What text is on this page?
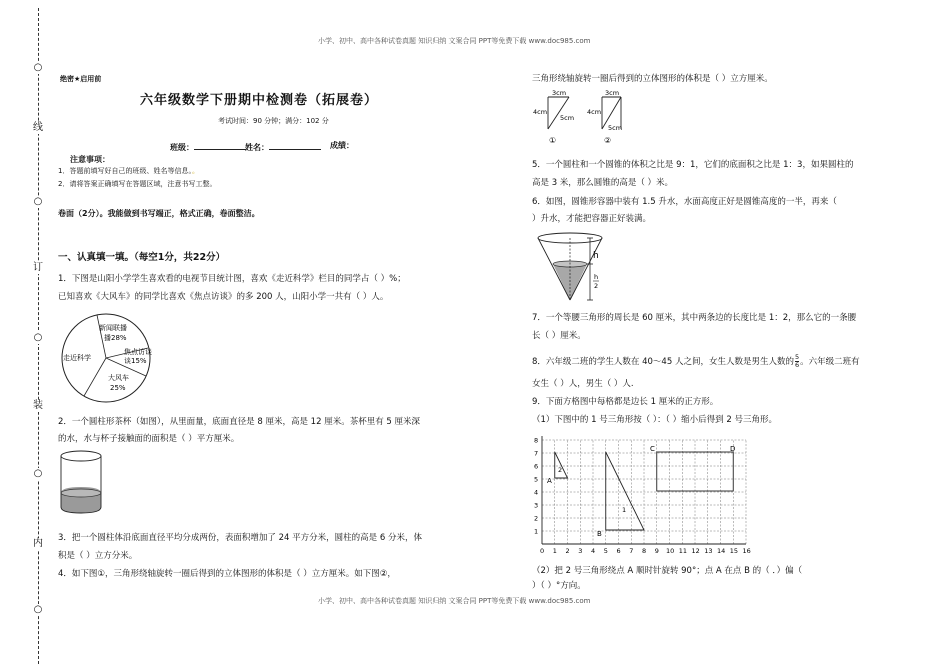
○
线
○
订
○
装
○
内
○
小学、初中、高中各种试卷真题 知识归纳 文案合同 PPT等免费下载 www.doc985.com
小学、初中、高中各种试卷真题 知识归纳 文案合同 PPT等免费下载 www.doc985.com
绝密★启用前
六年级数学下册期中检测卷（拓展卷）
考试时间：90 分钟；满分：102 分
班级：	姓名：	成绩：
注意事项：
1．答题前填写好自己的班级、姓名等信息。。
2．请将答案正确填写在答题区域，注意书写工整。
卷面（2分）。我能做到书写端正，格式正确，卷面整洁。
一、认真填一填。（每空1分，共22分）
1．下图是山阳小学学生喜欢看的电视节目统计图，喜欢《走近科学》栏目的同学占（ ）%；
已知喜欢《大风车》的同学比喜欢《焦点访谈》的多 200 人，山阳小学一共有（ ）人。
新闻联播
播28%
焦点访谈
谈15%
大风车
25%
走近科学
2．一个圆柱形茶杯（如图），从里面量，底面直径是 8 厘米，高是 12 厘米。茶杯里有 5 厘米深
的水，水与杯子接触面的面积是（ ）平方厘米。
3．把一个圆柱体沿底面直径平均分成两份，表面积增加了 24 平方分米，圆柱的高是 6 分米，体
积是（ ）立方分米。
4．如下图①，三角形绕轴旋转一圈后得到的立体图形的体积是（ ）立方厘米。如下图②，
三角形绕轴旋转一圈后得到的立体图形的体积是（ ）立方厘米。
3cm
4cm
5cm
①
3cm
4cm
5cm
②
5．一个圆柱和一个圆锥的体积之比是 9：1，它们的底面积之比是 1：3，如果圆柱的
高是 3 米，那么圆锥的高是（ ）米。
6．如图，圆锥形容器中装有 1.5 升水，水面高度正好是圆锥高度的一半，再来（
）升水，才能把容器正好装满。
h
h
2
7．一个等腰三角形的周长是 60 厘米，其中两条边的长度比是 1：2，那么它的一条腰
长（ ）厘米。
8．六年级二班的学生人数在 40～45 人之间，女生人数是男生人数的 $\frac{5}{6}$ 。六年级二班有
女生（ ）人，男生（ ）人.
9．下面方格图中每格都是边长 1 厘米的正方形。
（1）下图中的 1 号三角形按（ ）：（ ）缩小后得到 2 号三角形。
0 1 2 3 4 5 6 7 8 9 10 11 12 13 14 15 16
1
2
3
4
5
6
7
8
2
A
1
B
C	D
（2）把 2 号三角形绕点 A 顺时针旋转 90°；点 A 在点 B 的（ ．）偏（
）（ ）°方向。
